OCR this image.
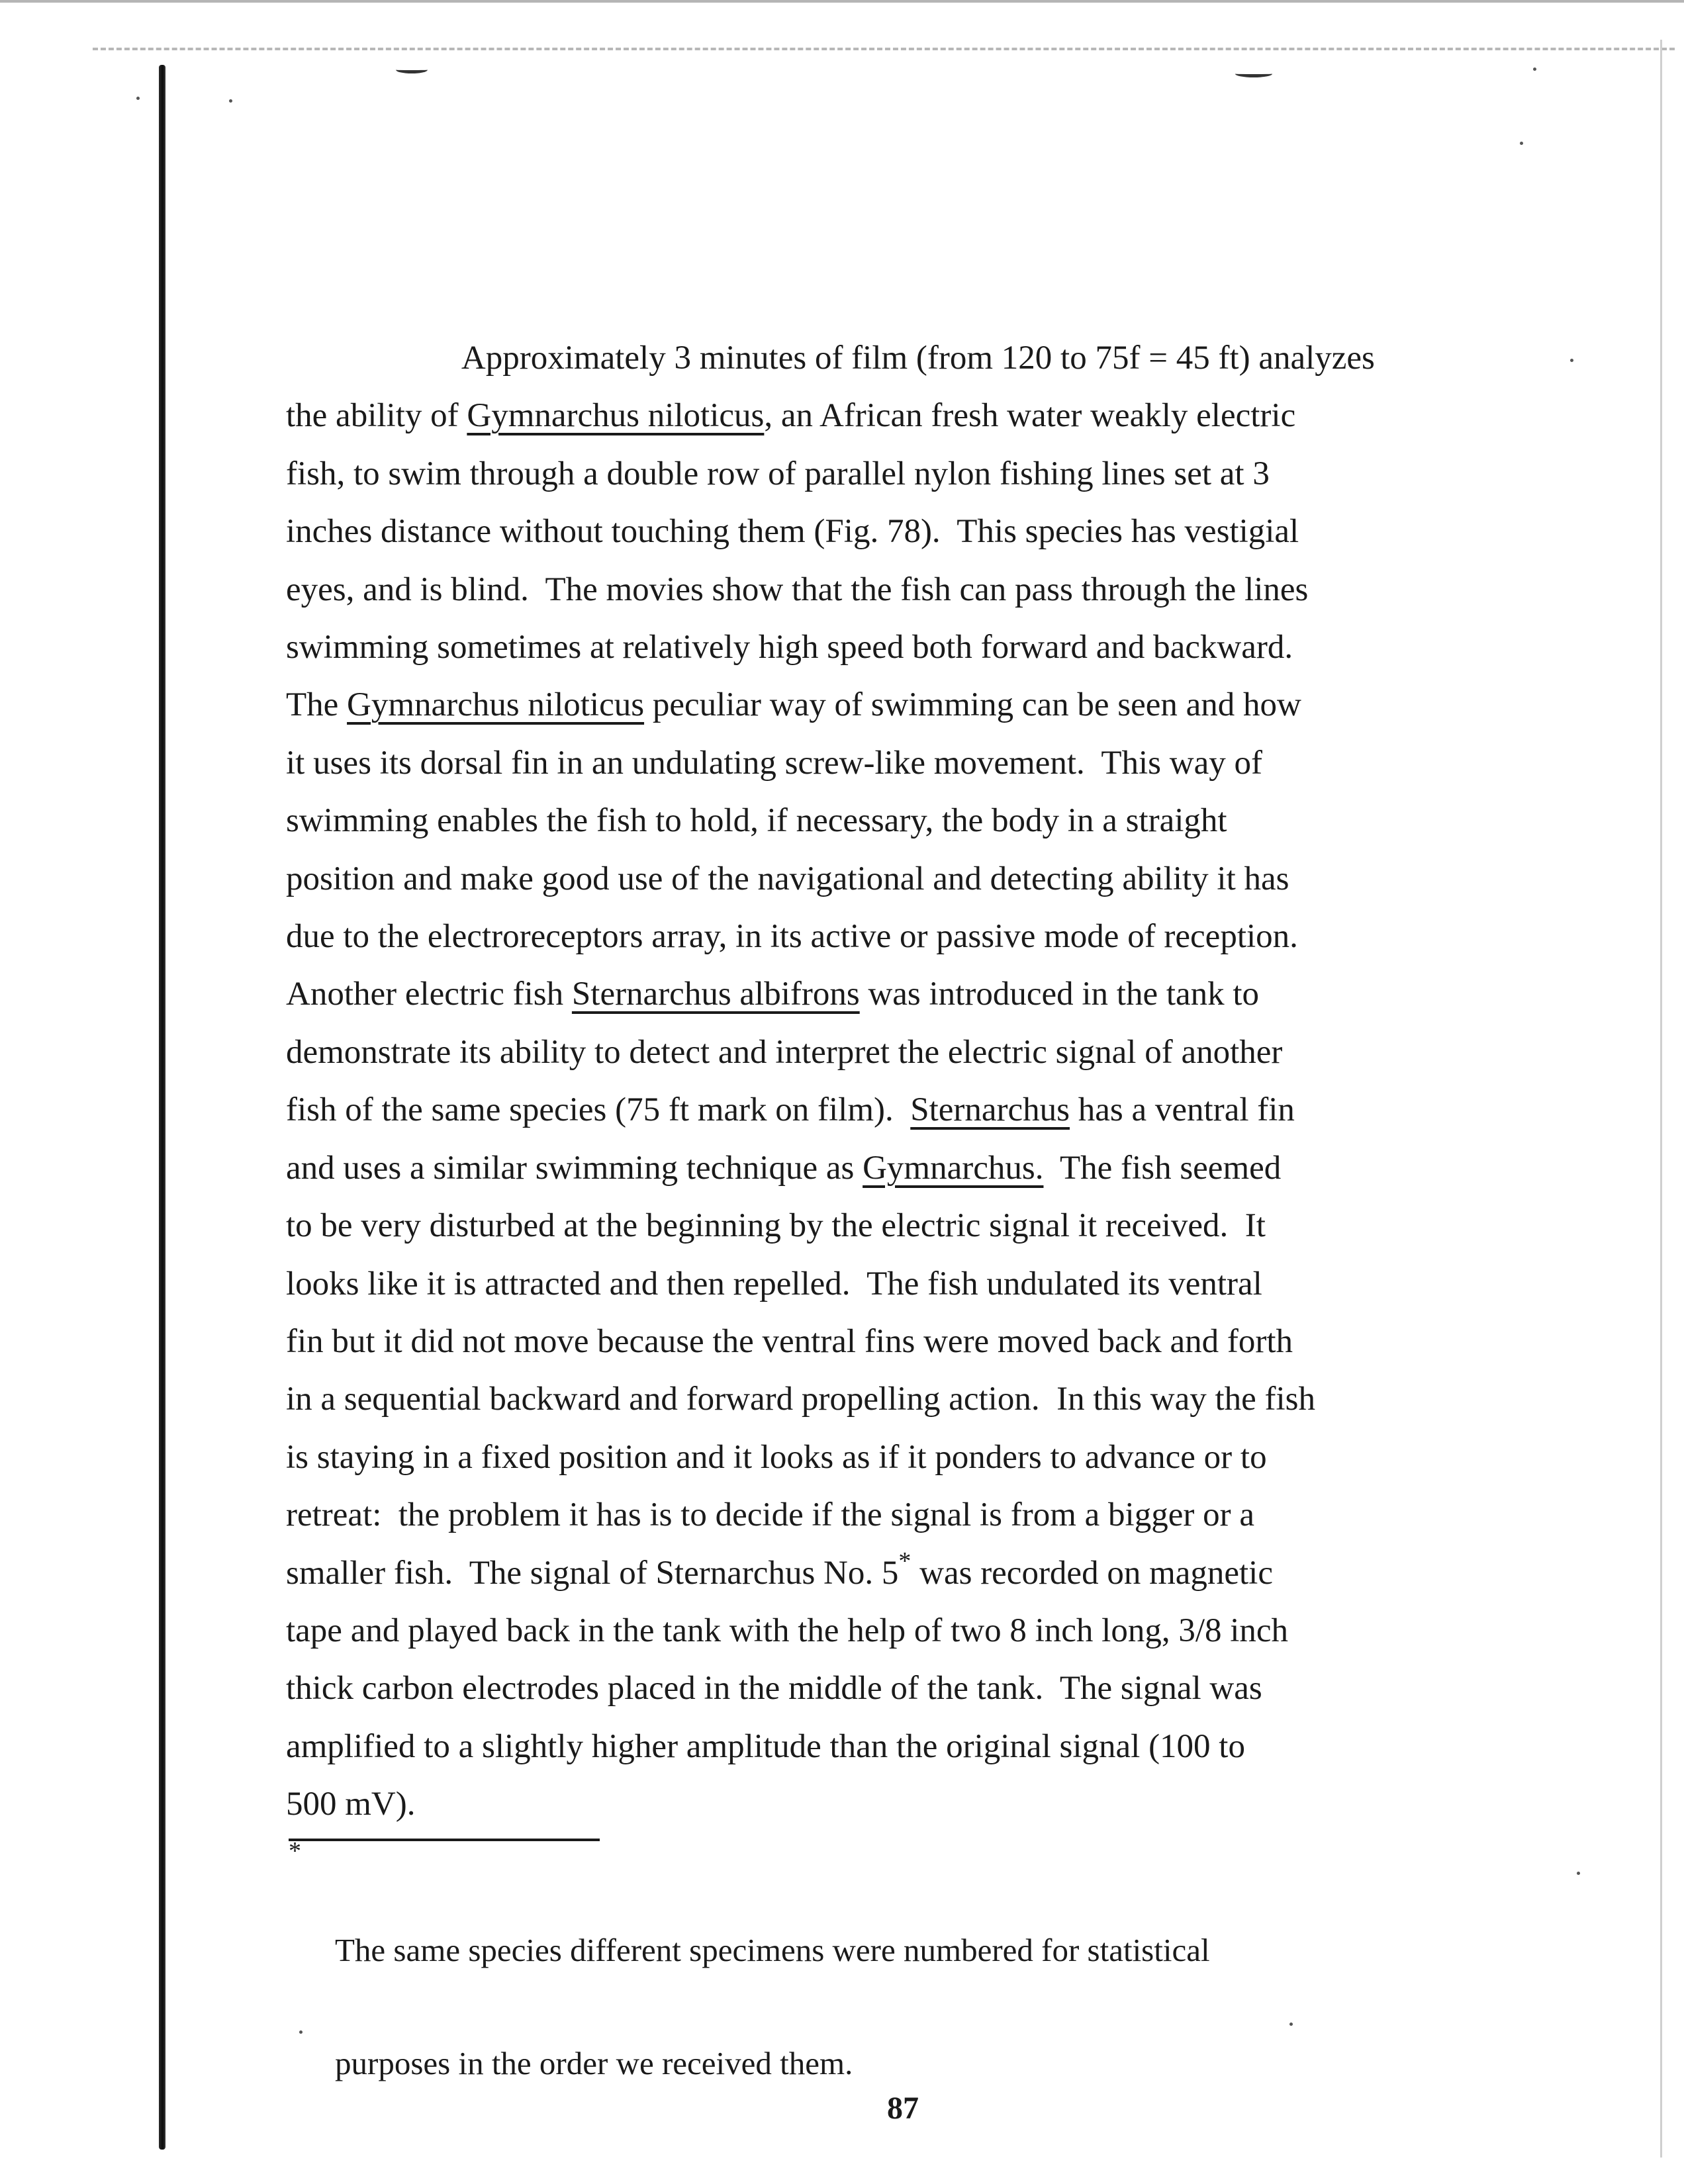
Approximately 3 minutes of film (from 120 to 75f = 45 ft) analyzes
the ability of Gymnarchus niloticus, an African fresh water weakly electric
fish, to swim through a double row of parallel nylon fishing lines set at 3
inches distance without touching them (Fig. 78).  This species has vestigial
eyes, and is blind.  The movies show that the fish can pass through the lines
swimming sometimes at relatively high speed both forward and backward.
The Gymnarchus niloticus peculiar way of swimming can be seen and how
it uses its dorsal fin in an undulating screw-like movement.  This way of
swimming enables the fish to hold, if necessary, the body in a straight
position and make good use of the navigational and detecting ability it has
due to the electroreceptors array, in its active or passive mode of reception.
Another electric fish Sternarchus albifrons was introduced in the tank to
demonstrate its ability to detect and interpret the electric signal of another
fish of the same species (75 ft mark on film).  Sternarchus has a ventral fin
and uses a similar swimming technique as Gymnarchus.  The fish seemed
to be very disturbed at the beginning by the electric signal it received.  It
looks like it is attracted and then repelled.  The fish undulated its ventral
fin but it did not move because the ventral fins were moved back and forth
in a sequential backward and forward propelling action.  In this way the fish
is staying in a fixed position and it looks as if it ponders to advance or to
retreat:  the problem it has is to decide if the signal is from a bigger or a
smaller fish.  The signal of Sternarchus No. 5* was recorded on magnetic
tape and played back in the tank with the help of two 8 inch long, 3/8 inch
thick carbon electrodes placed in the middle of the tank.  The signal was
amplified to a slightly higher amplitude than the original signal (100 to
500 mV).
*

The same species different specimens were numbered for statistical

purposes in the order we received them.

87
